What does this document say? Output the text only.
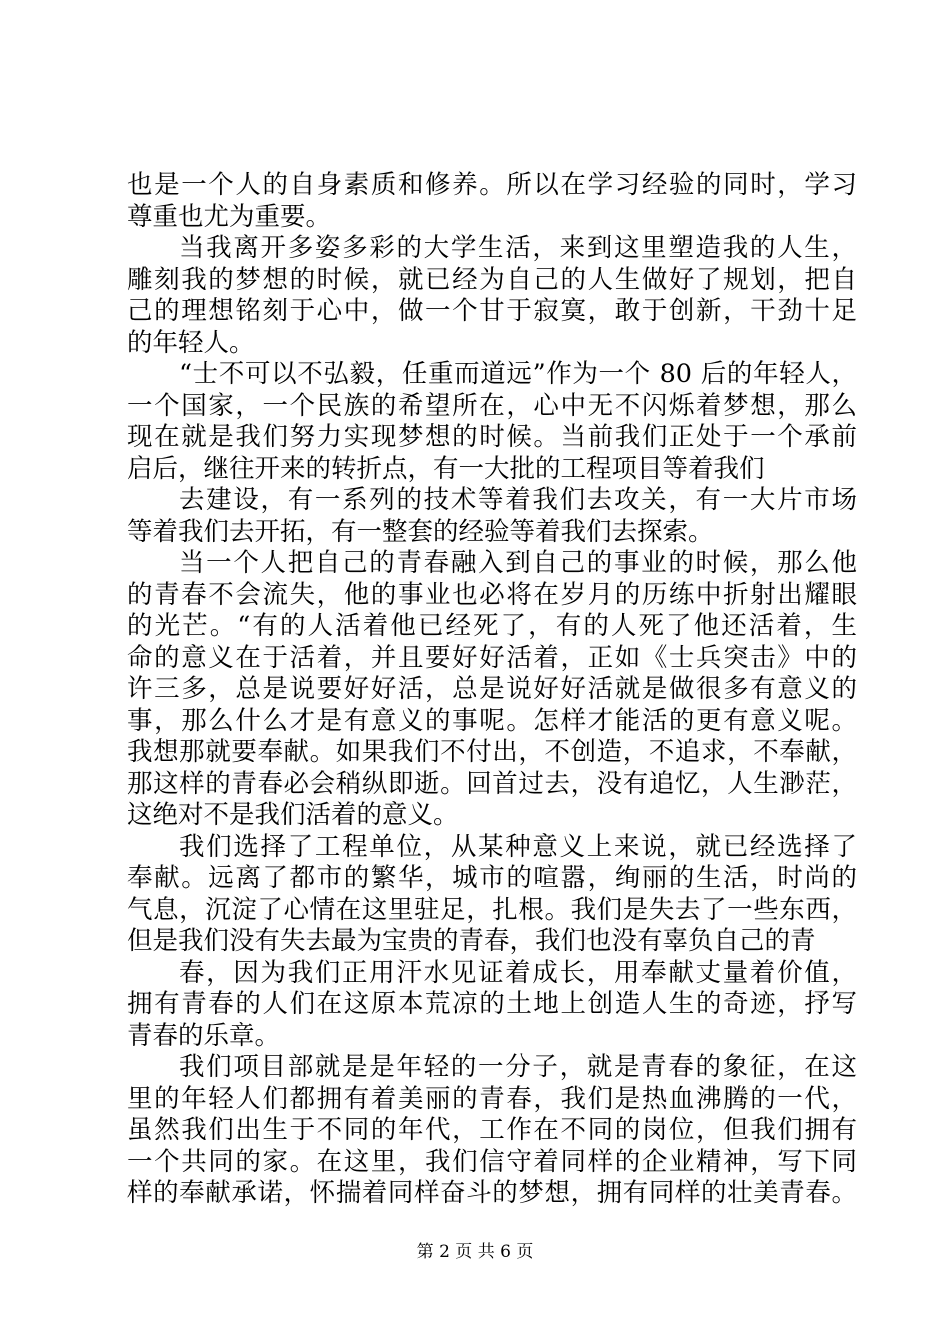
也是一个人的自身素质和修养。所以在学习经验的同时，学习
尊重也尤为重要。
当我离开多姿多彩的大学生活，来到这里塑造我的人生，
雕刻我的梦想的时候，就已经为自己的人生做好了规划，把自
己的理想铭刻于心中，做一个甘于寂寞，敢于创新，干劲十足
的年轻人。
“士不可以不弘毅，任重而道远”作为一个 80 后的年轻人，
一个国家，一个民族的希望所在，心中无不闪烁着梦想，那么
现在就是我们努力实现梦想的时候。当前我们正处于一个承前
启后，继往开来的转折点，有一大批的工程项目等着我们
去建设，有一系列的技术等着我们去攻关，有一大片市场
等着我们去开拓，有一整套的经验等着我们去探索。
当一个人把自己的青春融入到自己的事业的时候，那么他
的青春不会流失，他的事业也必将在岁月的历练中折射出耀眼
的光芒。“有的人活着他已经死了，有的人死了他还活着，生
命的意义在于活着，并且要好好活着，正如《士兵突击》中的
许三多，总是说要好好活，总是说好好活就是做很多有意义的
事，那么什么才是有意义的事呢。怎样才能活的更有意义呢。
我想那就要奉献。如果我们不付出，不创造，不追求，不奉献，
那这样的青春必会稍纵即逝。回首过去，没有追忆，人生渺茫，
这绝对不是我们活着的意义。
我们选择了工程单位，从某种意义上来说，就已经选择了
奉献。远离了都市的繁华，城市的喧嚣，绚丽的生活，时尚的
气息，沉淀了心情在这里驻足，扎根。我们是失去了一些东西，
但是我们没有失去最为宝贵的青春，我们也没有辜负自己的青
春，因为我们正用汗水见证着成长，用奉献丈量着价值，
拥有青春的人们在这原本荒凉的土地上创造人生的奇迹，抒写
青春的乐章。
我们项目部就是是年轻的一分子，就是青春的象征，在这
里的年轻人们都拥有着美丽的青春，我们是热血沸腾的一代，
虽然我们出生于不同的年代，工作在不同的岗位，但我们拥有
一个共同的家。在这里，我们信守着同样的企业精神，写下同
样的奉献承诺，怀揣着同样奋斗的梦想，拥有同样的壮美青春。
第 2 页 共 6 页
